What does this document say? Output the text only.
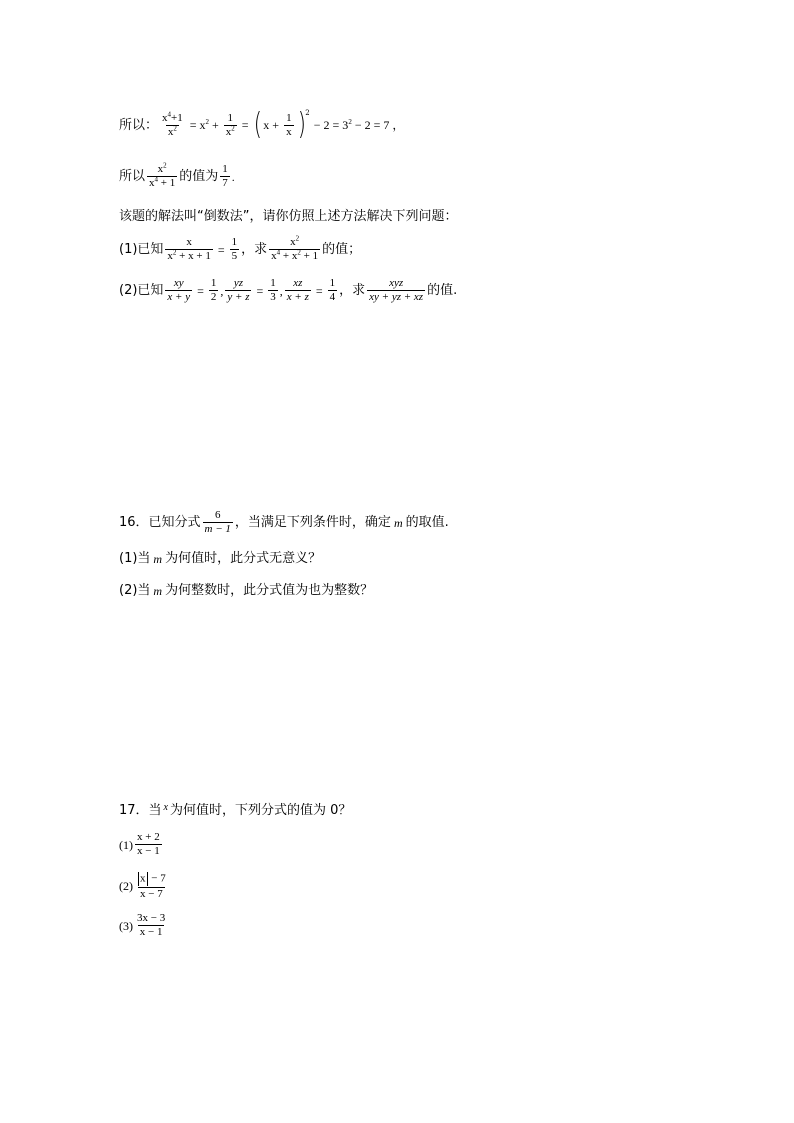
所以： $\frac{x^4+1}{x^2} = x^2 + \frac{1}{x^2}$ = ( $x + \frac{1}{x}$ ) 2
− $2 = 3^2 - 2 = 7$ ，
所以 $\frac{x^2}{x^4 + 1}$ 的值为 $\frac{1}{7}$ .
该题的解法叫“倒数法”，请你仿照上述方法解决下列问题：
(1)已知 $\frac{x}{x^2 + x + 1} = \frac{1}{5}$ ，求 $\frac{x^2}{x^4 + x^2 + 1}$ 的值；
(2)已知 $\frac{xy}{x + y} = \frac{1}{2}$ , $\frac{yz}{y + z} = \frac{1}{3}$ , $\frac{xz}{x + z} = \frac{1}{4}$ ，求 $\frac{\text{xyz}}{xy + yz + xz}$ 的值.
16．已知分式 $\frac{6}{m - 1}$ ，当满足下列条件时，确定 m 的取值.
(1)当 m 为何值时，此分式无意义？
(2)当 m 为何整数时，此分式值为也为整数？
17．当 x 为何值时，下列分式的值为 0？
$(1) \frac{x + 2}{x - 1}$
$(2) \frac{x - 7}{x - 7}$
$(3) \frac{3x - 3}{x - 1}$
